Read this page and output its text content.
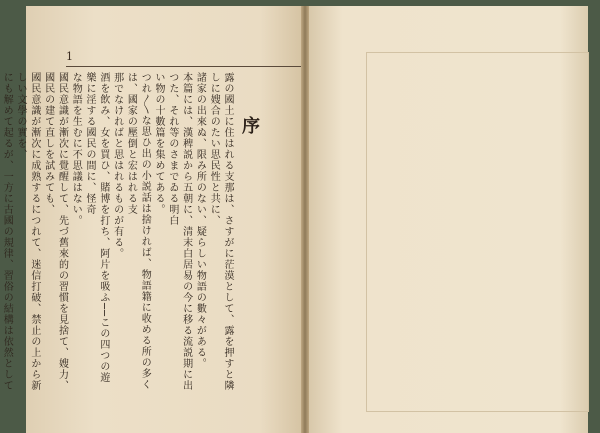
1
序

露の國土に住はれる支那は、さすがに茫漠として、露を押すと隣しに嫂合のたい思民性と共に、

諸家の出來ぬ、限み所のない、疑らしい物語の數々がある。

本篇には、漢稗説から五朝に、清末白居易の今に移る流説期に出つた、それ等のさまでゐる明白

い物の十數篇を集めてある。

つれ〳〵な思ひ出の小説話は捨ければ、物語籍に收める所の多くは、國家の壓倒と宏はれる支

那でなければと思はれるものが有る。

酒を飲み、女を買ひ、賭博を打ち、阿片を吸ふ──この四つの遊樂に淫する國民の間に、怪奇

な物語を生むに不思議はない。

國民意識が漸次に覺醒して、先づ舊來的の習慣を見捨て、嫂力、國民の建て直しを試みても、

國民意識が漸次に成熟するにつれて、迷信打破、禁止の上から新しい文學の實を、

にも解めて起るが、一方に古國の規律、習俗の結構は依然として
